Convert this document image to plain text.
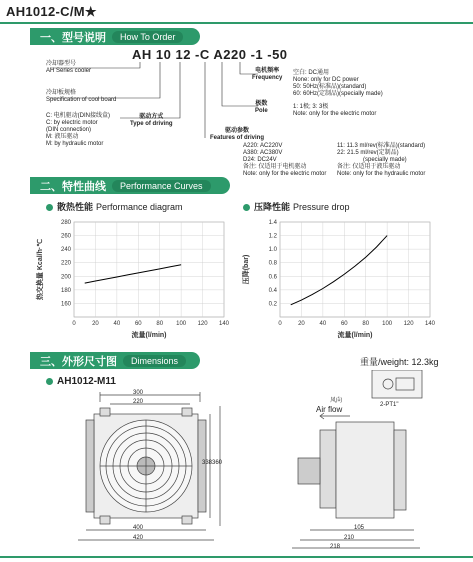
AH1012-C/M★
一、型号说明	How To Order
AH 10 12 -C A220 -1 -50
冷却器型号
AH Series cooler
冷却板规格
Specification of cool board
C: 电机驱动(DIN接线盒)
C: by electric motor
(DIN connection)
M: 液压驱动
M: by hydraulic motor
驱动方式
Type of driving
驱动参数
Features of driving
A220: AC220V
A380: AC380V
D24: DC24V
备注: 仅适用于电机驱动
Note: only for the electric motor
11: 11.3 ml/rev(标准品)(standard)
22: 21.5 ml/rev(定制品)
(specially made)
备注: 仅适用于液压驱动
Note: only for the hydraulic motor
极数
Pole
1: 1极; 3: 3极
Note: only for the electric motor
电机频率
Frequency
空白: DC通用
None: only for DC power
50: 50Hz(标准品)(standard)
60: 60Hz(定制品)(specially made)
二、特性曲线	Performance Curves
散热性能 Performance diagram	压降性能 Pressure drop
0	20 40 60 80 100 120 140
160
180
200
220
240
260
280
流量(l/min)
热交换量 Kcal/h·℃
0	20 40 60 80 100 120 140
0.2
0.4
0.6
0.8
1.0
1.2
1.4
流量(l/min)
压降(bar)
三、外形尺寸图	Dimensions	重量/weight: 12.3kg
AH1012-M11
300
220
400
420
338 360
风向
Air flow	2-PT1"
105
210
218
